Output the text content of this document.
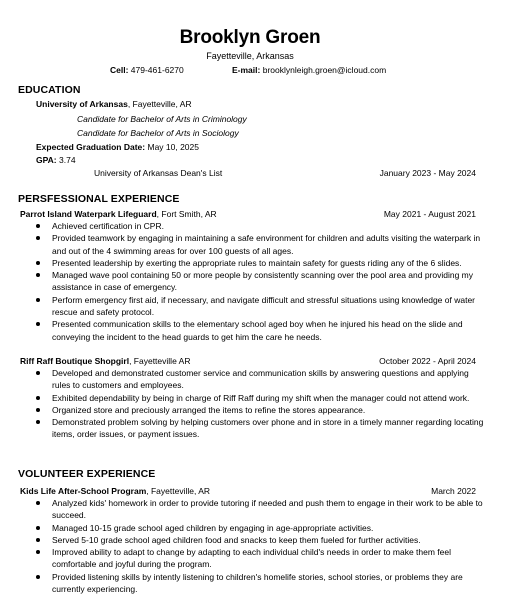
Brooklyn Groen
Fayetteville, Arkansas
Cell: 479-461-6270	E-mail: brooklynleigh.groen@icloud.com
EDUCATION
University of Arkansas, Fayetteville, AR
Candidate for Bachelor of Arts in Criminology
Candidate for Bachelor of Arts in Sociology
Expected Graduation Date: May 10, 2025
GPA: 3.74
University of Arkansas Dean's List	January 2023 - May 2024
PERSFESSIONAL EXPERIENCE
Parrot Island Waterpark Lifeguard, Fort Smith, AR	May 2021 - August 2021
Achieved certification in CPR.
Provided teamwork by engaging in maintaining a safe environment for children and adults visiting the waterpark in and out of the 4 swimming areas for over 100 guests of all ages.
Presented leadership by exerting the appropriate rules to maintain safety for guests riding any of the 6 slides.
Managed wave pool containing 50 or more people by consistently scanning over the pool area and providing my assistance in case of emergency.
Perform emergency first aid, if necessary, and navigate difficult and stressful situations using knowledge of water rescue and safety protocol.
Presented communication skills to the elementary school aged boy when he injured his head on the slide and conveying the incident to the head guards to get him the care he needs.
Riff Raff Boutique Shopgirl, Fayetteville AR	October 2022 - April 2024
Developed and demonstrated customer service and communication skills by answering questions and applying rules to customers and employees.
Exhibited dependability by being in charge of Riff Raff during my shift when the manager could not attend work.
Organized store and preciously arranged the items to refine the stores appearance.
Demonstrated problem solving by helping customers over phone and in store in a timely manner regarding locating items, order issues, or payment issues.
VOLUNTEER EXPERIENCE
Kids Life After-School Program, Fayetteville, AR	March 2022
Analyzed kids' homework in order to provide tutoring if needed and push them to engage in their work to be able to succeed.
Managed 10-15 grade school aged children by engaging in age-appropriate activities.
Served 5-10 grade school aged children food and snacks to keep them fueled for further activities.
Improved ability to adapt to change by adapting to each individual child's needs in order to make them feel comfortable and joyful during the program.
Provided listening skills by intently listening to children's homelife stories, school stories, or problems they are currently experiencing.
